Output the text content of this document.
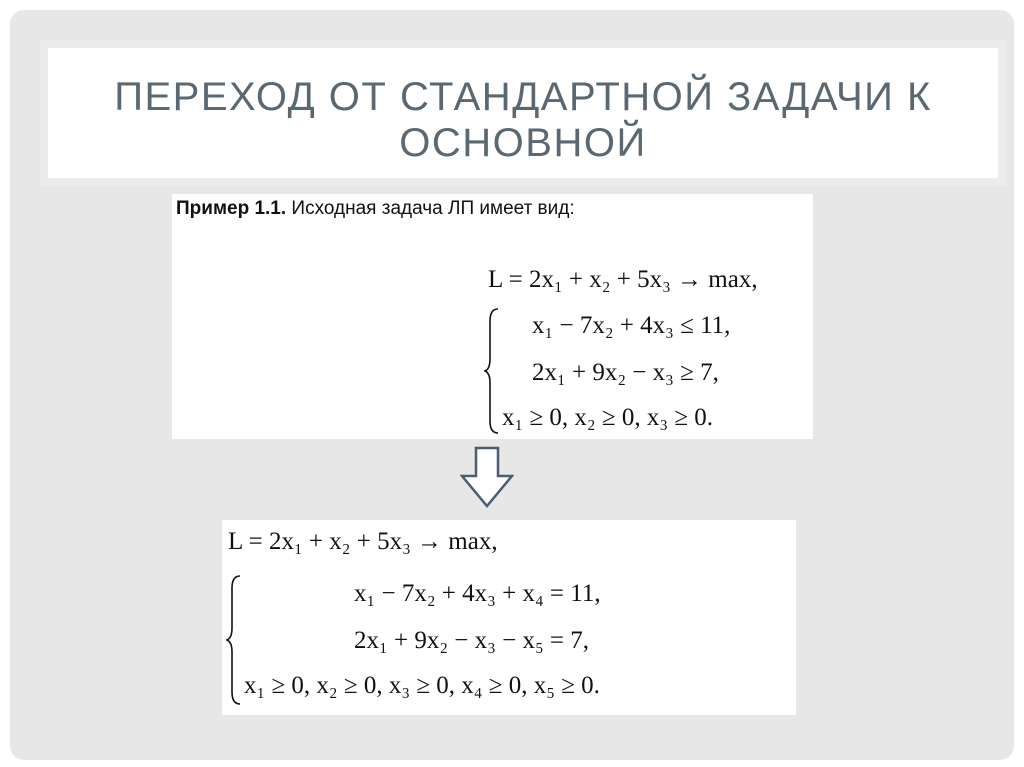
ПЕРЕХОД ОТ СТАНДАРТНОЙ ЗАДАЧИ К
ОСНОВНОЙ
Пример 1.1. Исходная задача ЛП имеет вид:
L = 2x₁ + x₂ + 5x₃ → max,
x₁ − 7x₂ + 4x₃ ≤ 11,
2x₁ + 9x₂ − x₃ ≥ 7,
x₁ ≥ 0, x₂ ≥ 0, x₃ ≥ 0.
L = 2x₁ + x₂ + 5x₃ → max,
x₁ − 7x₂ + 4x₃ + x₄ = 11,
2x₁ + 9x₂ − x₃ − x₅ = 7,
x₁ ≥ 0, x₂ ≥ 0, x₃ ≥ 0, x₄ ≥ 0, x₅ ≥ 0.
